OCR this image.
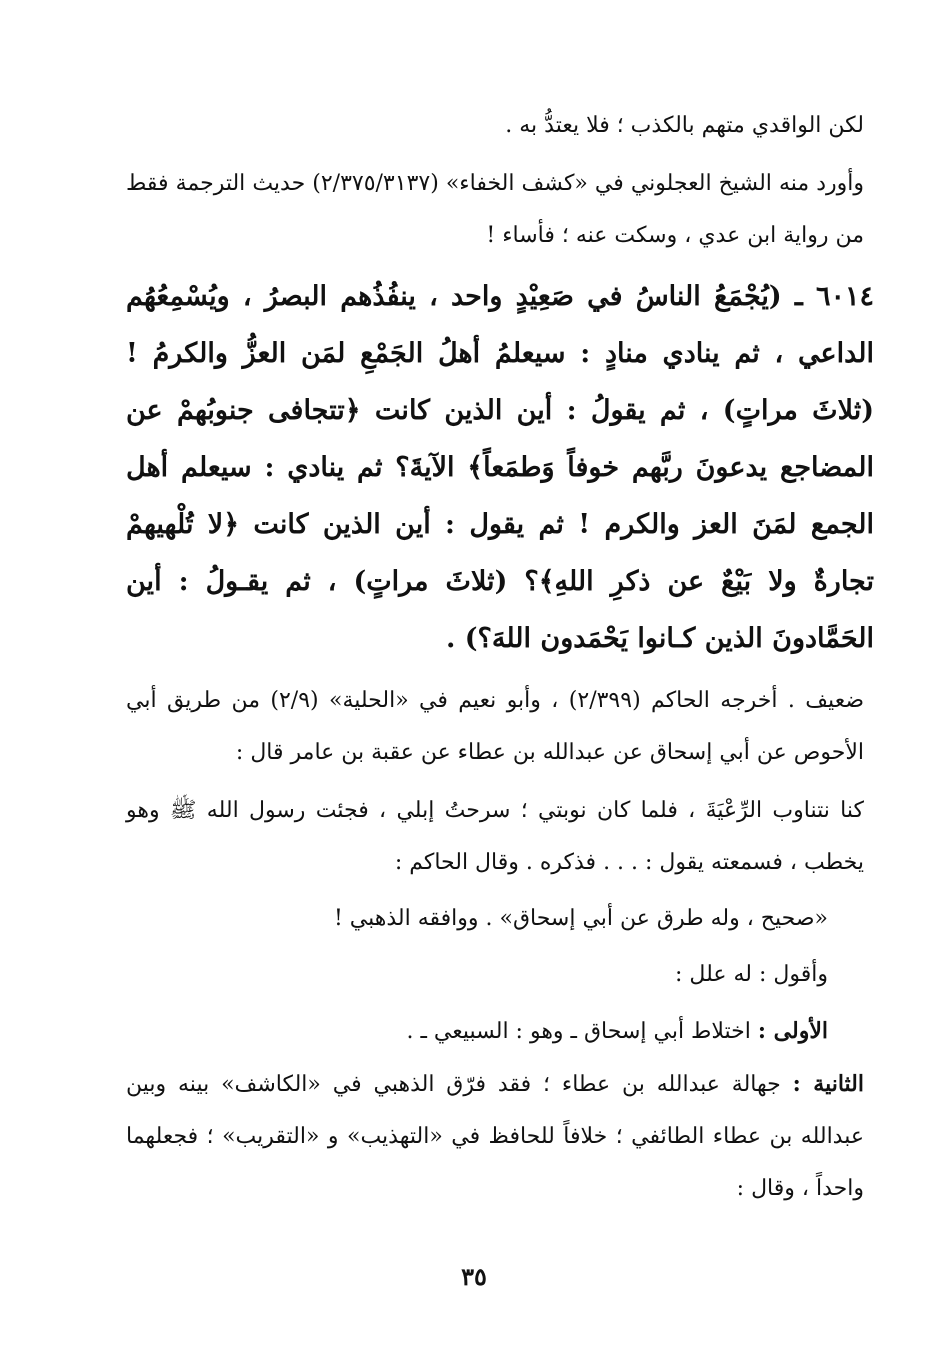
لكن الواقدي متهم بالكذب ؛ فلا يعتدُّ به .

وأورد منه الشيخ العجلوني في «كشف الخفاء» (٢/٣٧٥/٣١٣٧) حديث الترجمة فقط من رواية ابن عدي ، وسكت عنه ؛ فأساء !

٦٠١٤ ـ (يُجْمَعُ الناسُ في صَعِيْدٍ واحد ، ينفُذُهم البصرُ ، ويُسْمِعُهُم الداعي ، ثم ينادي منادٍ : سيعلمُ أهلُ الجَمْعِ لمَن العزُّ والكرمُ ! (ثلاثَ مراتٍ) ، ثم يقولُ : أين الذين كانت ﴿تتجافى جنوبُهمْ عن المضاجع يدعونَ ربَّهم خوفاً وَطمَعاً﴾ الآيةَ؟ ثم ينادي : سيعلم أهل الجمع لمَنَ العز والكرم ! ثم يقول : أين الذين كانت ﴿لا تُلْهيهمْ تجارةٌ ولا بَيْعٌ عن ذكرِ اللهِ﴾؟ (ثلاثَ مراتٍ) ، ثم يقـولُ : أين الحَمَّادونَ الذين كـانوا يَحْمَدون اللهَ؟) .

ضعيف . أخرجه الحاكم (٢/٣٩٩) ، وأبو نعيم في «الحلية» (٢/٩) من طريق أبي الأحوص عن أبي إسحاق عن عبدالله بن عطاء عن عقبة بن عامر قال :

كنا نتناوب الرِّعْيَةَ ، فلما كان نوبتي ؛ سرحتُ إبلي ، فجئت رسول الله ﷺ وهو يخطب ، فسمعته يقول : . . . فذكره . وقال الحاكم :

«صحيح ، وله طرق عن أبي إسحاق» . ووافقه الذهبي !

وأقول : له علل :

الأولى : اختلاط أبي إسحاق ـ وهو : السبيعي ـ .

الثانية : جهالة عبدالله بن عطاء ؛ فقد فرّق الذهبي في «الكاشف» بينه وبين عبدالله بن عطاء الطائفي ؛ خلافاً للحافظ في «التهذيب» و «التقريب» ؛ فجعلهما واحداً ، وقال :

٣٥
